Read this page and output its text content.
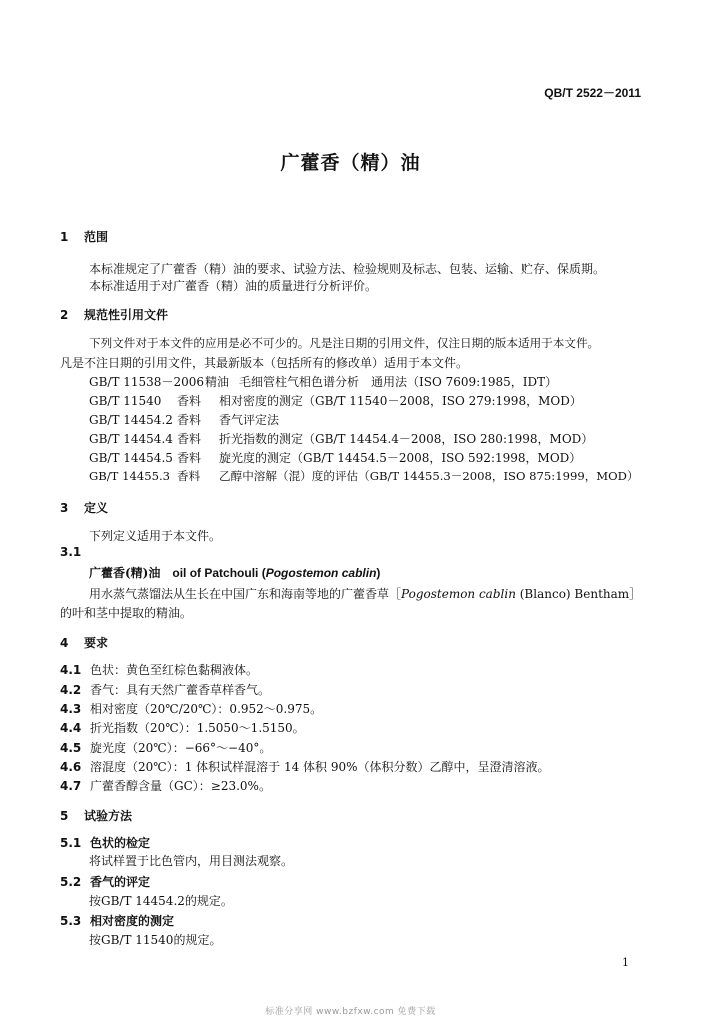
QB/T 2522－2011
广藿香（精）油
1 范围
本标准规定了广藿香（精）油的要求、试验方法、检验规则及标志、包装、运输、贮存、保质期。
本标准适用于对广藿香（精）油的质量进行分析评价。
2 规范性引用文件
下列文件对于本文件的应用是必不可少的。凡是注日期的引用文件，仅注日期的版本适用于本文件。
凡是不注日期的引用文件，其最新版本（包括所有的修改单）适用于本文件。
GB/T 11538－2006精油 毛细管柱气相色谱分析　通用法（ISO 7609:1985，IDT）
GB/T 11540 香料 相对密度的测定（GB/T 11540－2008，ISO 279:1998，MOD）
GB/T 14454.2 香料 香气评定法
GB/T 14454.4 香料 折光指数的测定（GB/T 14454.4－2008，ISO 280:1998，MOD）
GB/T 14454.5 香料 旋光度的测定（GB/T 14454.5－2008，ISO 592:1998，MOD）
GB/T 14455.3 香料 乙醇中溶解（混）度的评估（GB/T 14455.3－2008，ISO 875:1999，MOD）
3 定义
下列定义适用于本文件。
3.1
广藿香(精)油　 oil of Patchouli (Pogostemon cablin)
用水蒸气蒸馏法从生长在中国广东和海南等地的广藿香草［Pogostemon cablin (Blanco) Bentham］
的叶和茎中提取的精油。
4 要求
4.1 色状：黄色至红棕色黏稠液体。
4.2 香气：具有天然广藿香草样香气。
4.3 相对密度（20℃/20℃）：0.952～0.975。
4.4 折光指数（20℃）：1.5050～1.5150。
4.5 旋光度（20℃）：−66°～−40°。
4.6 溶混度（20℃）：1 体积试样混溶于 14 体积 90%（体积分数）乙醇中，呈澄清溶液。
4.7 广藿香醇含量（GC）：≥23.0%。
5 试验方法
5.1 色状的检定
将试样置于比色管内，用目测法观察。
5.2 香气的评定
按GB/T 14454.2的规定。
5.3 相对密度的测定
按GB/T 11540的规定。
1
标准分享网 www.bzfxw.com 免费下载
